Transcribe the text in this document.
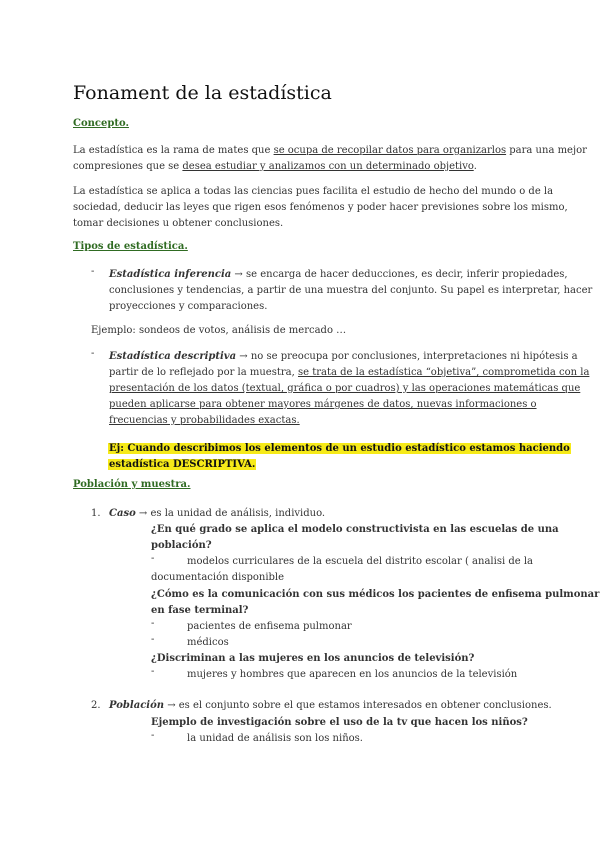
Fonament de la estadística
Concepto.
La estadística es la rama de mates que se ocupa de recopilar datos para organizarlos para una mejor
compresiones que se desea estudiar y analizamos con un determinado objetivo.
La estadística se aplica a todas las ciencias pues facilita el estudio de hecho del mundo o de la
sociedad, deducir las leyes que rigen esos fenómenos y poder hacer previsiones sobre los mismo,
tomar decisiones u obtener conclusiones.
Tipos de estadística.
- Estadística inferencia → se encarga de hacer deducciones, es decir, inferir propiedades,
conclusiones y tendencias, a partir de una muestra del conjunto. Su papel es interpretar, hacer
proyecciones y comparaciones.
Ejemplo: sondeos de votos, análisis de mercado …
- Estadística descriptiva → no se preocupa por conclusiones, interpretaciones ni hipótesis a
partir de lo reflejado por la muestra, se trata de la estadística “objetiva”, comprometida con la
presentación de los datos (textual, gráfica o por cuadros) y las operaciones matemáticas que
pueden aplicarse para obtener mayores márgenes de datos, nuevas informaciones o
frecuencias y probabilidades exactas.
Ej: Cuando describimos los elementos de un estudio estadístico estamos haciendo
estadística DESCRIPTIVA.
Población y muestra.
1. Caso → es la unidad de análisis, individuo.
¿En qué grado se aplica el modelo constructivista en las escuelas de una
población?
-	modelos curriculares de la escuela del distrito escolar ( analisi de la
documentación disponible
¿Cómo es la comunicación con sus médicos los pacientes de enfisema pulmonar
en fase terminal?
-	pacientes de enfisema pulmonar
-	médicos
¿Discriminan a las mujeres en los anuncios de televisión?
-	mujeres y hombres que aparecen en los anuncios de la televisión
2. Población → es el conjunto sobre el que estamos interesados en obtener conclusiones.
Ejemplo de investigación sobre el uso de la tv que hacen los niños?
-	la unidad de análisis son los niños.
